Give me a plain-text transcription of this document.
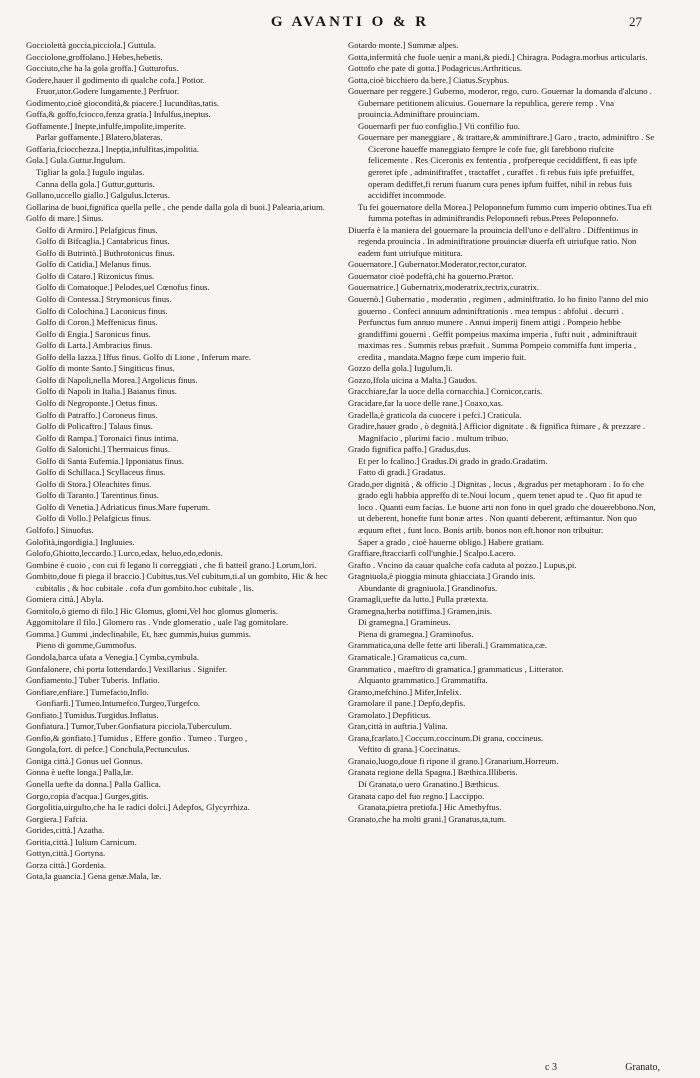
G AVANTI O & R	27

Gocciolettà goccia,picciola.] Guttula.

Gocciolone,groffolano.] Hebes,hebetis.

Gocciuto,che ha la gola groffa.] Gutturofus.

Godere,hauer il godimento di qualche cofa.] Potior.

Fruor,utor.Godere lungamente.] Perfruor.

Godimento,cioè giocondità,& piacere.] Iucunditas,tatis.

Goffa,& goffo,fciocco,fenza gratia.] Infulfus,ineptus.

Goffamente.] Inepte,infulfe,impolite,imperite.

Parlar goffamente.] Blatero,blateras.

Goffaria,fciocchezza.] Inepția,infulfitas,impolitia.

Gola.] Gula.Guttur.Ingulum.

Tigliar la gola.] Iugulo ingulas.

Canna della gola.] Guttur,gutturis.

Gollano,uccello giallo.] Galgulus.Icterus.

Gollarina de buoi,fignifica quella pelle , che pende dalla gola di buoi.] Palearia,arium.

Golfo di mare.] Sinus.

Golfo di Armiro.] Pelafgicus finus.

Golfo di Bifcaglia.] Cantabricus finus.

Golfo di Butrintò.] Buthrotonicus finus.

Golfo di Catidia.] Melanus finus.

Golfo di Cataro.] Rizonicus finus.

Golfo di Comatoque.] Pelodes,uel Cœnofus finus.

Golfo di Contessa.] Strymonicus finus.

Golfo di Colochina.] Laconicus finus.

Golfo di Coron.] Meffenicus finus.

Golfo di Engia.] Saronicus finus.

Golfo di Larta.] Ambracius finus.

Golfo della Iazza.] Iffus finus. Golfo di Lione , Inferum mare.

Golfo di monte Santo.] Singiticus finus.

Golfo di Napoli,nella Morea.] Argolicus finus.

Golfo di Napoli in Italia.] Baianus finus.

Golfo di Negroponte.] Oetus finus.

Golfo di Patraffo.] Coroneus finus.

Golfo di Policaftro.] Talaus finus.

Golfo di Rampa.] Toronaici finus intima.

Golfo di Salonichi.] Thermaicus finus.

Golfo di Santa Eufemia.] Ipponiatus finus.

Golfo di Schillaca.] Scyllaceus finus.

Golfo di Stora.] Oleachites finus.

Golfo di Taranto.] Tarentinus finus.

Golfo di Venetia.] Adriaticus finus.Mare fuperum.

Golfo di Vollo.] Pelafgicus finus.

Golfofo.] Sinuofus.

Golofità,ingordigia.] Ingluuies.

Golofo,Ghiotto,leccardo.] Lurco,edax, heluo,edo,edonis.

Gombine è cuoio , con cui fi legano li correggiati , che fi batteil grano.] Lorum,lori.

Gombito,doue fi piega il braccio.] Cubitus,tus.Vel cubitum,ti.al un gombito, Hic & hec cubitalis , & hoc cubitale . cofa d'un gombito.hoc cubitale , lis.

Gomiera città.] Abyla.

Gomitolo,ò giemo di filo.] Hic Glomus, glomi,Vel hoc glomus glomeris.

Aggomitolare il filo.] Glomero ras . Vnde glomeratio , uale l'ag gomitolare.

Gomma.] Gummi ,indeclinabile, Et, hæc gummis,huius gummis.

Pieno di gomme,Gummofus.

Gondola,barca ufata a Venegia.] Cymba,cymbula.

Gonfalonere, chi porta lottendardo.] Vexillarius . Signifer.

Gonfiamento.] Tuber Tuberis. Inflatio.

Gonfiare,enfiare.] Tumefacio,Inflo.

Gonfiarfi.] Tumeo.Intumefco.Turgeo,Turgefco.

Gonfiato.] Tumidus.Turgidus.Inflatus.

Gonfiatura.] Tumor,Tuber.Gonfiatura picciola,Tuberculum.

Gonfio,& gonfiato.] Tumidus , Effere gonfio . Tumeo . Turgeo ,

Gongola,fort. di pefce.] Conchula,Pectunculus.

Goniga città.] Gonus uel Gonnus.

Gonna è uefte longa.] Palla,læ.

Gonella uefte da donna.] Palla Gallica.

Gorgo,copia d'acqua.] Gurges,gitis.

Gorgolitia,uirgulto,che ha le radici dolci.] Adepfos, Glycyrrhiza.

Gorgiera.] Fafcia.

Gorides,città.] Azatha.

Goritia,città.] Iulium Carnicum.

Gottyn,città.] Gortyna.

Gorza città.] Gordenia.

Gota,la guancia.] Gena genæ.Mala, læ.

Gotardo monte.] Summæ alpes.

Gotta,infermità che fuole uenir a mani,& piedi.] Chiragra. Podagra.morbus articularis.

Gottofo che pate di gotta.] Podagricus.Arthriticus.

Gotta,cioè bicchiero da bere.] Ciatus.Scyphus.

Gouernare per reggere.] Guberno, moderor, rego, curo. Gouernar la domanda d'alcuno . Gubernare petitionem alicuius. Gouernare la republica, gerere remp . Vna prouincia.Adminiftare prouinciam.

Gouernarfi per fuo configlio.] Vti confilio fuo.

Gouernare per maneggiare , & trattare,& amminiftrare.] Garo , tracto, adminiftro . Se Cicerone haueffe maneggiato fempre le cofe fue, gli farebbono riufcite felicemente . Res Ciceronis ex fententia , profpereque ceciddiffent, fi eas ipfe gereret ipfe , adminiftraffet , tractaffet , curaffet . fi rebus fuis ipfe prefuiffet, operam dediffet,fi rerum fuarum cura penes ipfum fuiffet, nihil in rebus fuis accidiffet incommode.

Tu fei gouernatore della Morea.] Peloponnefum fummo cum imperio obtines.Tua eft fumma poteftas in adminiftrandis Peloponnefi rebus.Prees Peloponnefo.

Diuerfa è la maniera del gouernare la prouincia dell'uno e dell'altro . Diffentimus in regenda prouincia . In adminiftratione prouinciæ diuerfa eft utriufque ratio. Non eadem funt utriufque mititura.

Gouernatore.] Gubernator.Moderator,rector,curator.

Gouernator cioè podeftà,chi ha gouerno.Prætor.

Gouernatrice.] Gubernatrix,moderatrix,rectrix,curatrix.

Gouernò.] Gubernatio , moderatio , regimen , adminiftratio. Io ho finito l'anno del mio gouerno . Confeci annuum adminiftrationis . mea tempus : abfolui . decurri . Perfunctus fum annuo munere . Annui imperij finem attigi . Pompeio hebbe grandiffimi gouerni . Geffit pompeius maxima imperia , fufti nuit , adminiftrauit maximas res . Summis rebus præfuit . Summa Pompeio commiffa funt imperia , credita , mandata.Magno fæpe cum imperio fuit.

Gozzo della gola.] Iugulum,li.

Gozzo,Ifola uicina a Malta.] Gaudos.

Gracchiare,far la uoce della cornacchia.] Cornicor,caris.

Gracidare,far la uoce delle rane.] Coaxo,xas.

Gradella,è graticola da cuocere i pefci.] Craticula.

Gradire,hauer grado , ò degnità.] Afficior dignitate . & fignifica ftimare , & prezzare . Magnifacio , plurimi facio . multum tribuo.

Grado fignifica paffo.] Gradus,dus.

Et per lo fcalino.] Gradus.Di grado in grado.Gradatim.

Fatto di gradi.] Gradatus.

Grado,per dignità , & officio .] Dignitas , locus , &gradus per metaphoram . Io fo che grado egli habbia appreffo di te.Noui locum , quem tenet apud te . Quo fit apud te loco . Quanti eum facias. Le buone arti non fono in quel grado che douerebbono.Non, ut deberent, honefte funt bonæ artes . Non quanti deberent, æftimantur. Non quo æquum eftet , funt loco. Bonis artib. bonos non eft.honor non tribuitur.

Saper a grado , cioè hauerne obligo.] Habere gratiam.

Graffiare,ftracciarfi coll'unghie.] Scalpo.Lacero.

Grafto . Vncino da cauar qualche cofa caduta al pozzo.] Lupus,pi.

Gragniuola,è pioggia minuta ghiacciata.] Grando inis.

Abundante di gragniuola.] Grandinofus.

Gramagli,uefte da lutto.] Pulla prætexta.

Gramegna,herba notiffima.] Gramen,inis.

Di gramegna.] Gramineus.

Piena di gramegna.] Graminofus.

Grammatica,una delle fette arti liberali.] Grammatica,cæ.

Gramaticale.] Gramaticus ca,cum.

Grammatico , maeftro di gramatica.] grammaticus , Litterator.

Alquanto grammatico.] Grammatifta.

Gramo,mefchino.] Mifer,Infelix.

Gramolare il pane.] Depfo,depfis.

Gramolato.] Depfiticus.

Gran,città in auftria.] Valina.

Grana,fcarlato.] Coccum.coccinum.Di grana, coccineus.

Veftito di grana.] Coccinatus.

Granaio,luogo,doue fi ripone il grano.] Granarium.Horreum.

Granata regione della Spagna.] Bæthica.Illiberis.

Di Granata,o uero Granatino.] Bæthicus.

Granata capo del fuo regno.] Laccippo.

Granata,pietra pretiofa.] Hic Amethyftus.

Granato,che ha molti grani.] Granatus,ta,tum.

c 3	Granato,
